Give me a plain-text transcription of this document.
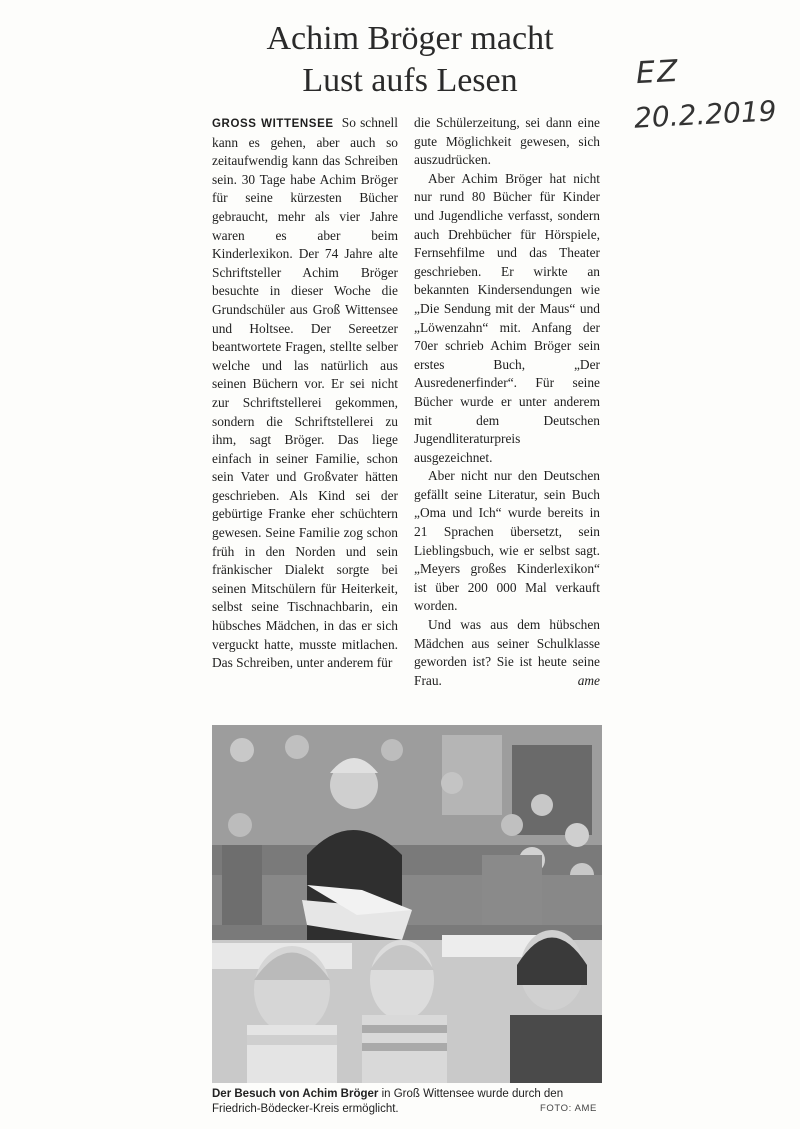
Achim Bröger macht
Lust aufs Lesen	EZ
20.2.2019

GROSS WITTENSEE So schnell kann es gehen, aber auch so zeitaufwendig kann das Schreiben sein. 30 Tage habe Achim Bröger für seine kürzesten Bücher gebraucht, mehr als vier Jahre waren es aber beim Kinderlexikon. Der 74 Jahre alte Schriftsteller Achim Bröger besuchte in dieser Woche die Grundschüler aus Groß Wittensee und Holtsee. Der Sereetzer beantwortete Fragen, stellte selber welche und las natürlich aus seinen Büchern vor. Er sei nicht zur Schriftstellerei gekommen, sondern die Schriftstellerei zu ihm, sagt Bröger. Das liege einfach in seiner Familie, schon sein Vater und Großvater hätten geschrieben. Als Kind sei der gebürtige Franke eher schüchtern gewesen. Seine Familie zog schon früh in den Norden und sein fränkischer Dialekt sorgte bei seinen Mitschülern für Heiterkeit, selbst seine Tischnachbarin, ein hübsches Mädchen, in das er sich verguckt hatte, musste mitlachen. Das Schreiben, unter anderem für

die Schülerzeitung, sei dann eine gute Möglichkeit gewesen, sich auszudrücken.

Aber Achim Bröger hat nicht nur rund 80 Bücher für Kinder und Jugendliche verfasst, sondern auch Drehbücher für Hörspiele, Fernsehfilme und das Theater geschrieben. Er wirkte an bekannten Kindersendungen wie „Die Sendung mit der Maus“ und „Löwenzahn“ mit. Anfang der 70er schrieb Achim Bröger sein erstes Buch, „Der Ausredenerfinder“. Für seine Bücher wurde er unter anderem mit dem Deutschen Jugendliteraturpreis ausgezeichnet.

Aber nicht nur den Deutschen gefällt seine Literatur, sein Buch „Oma und Ich“ wurde bereits in 21 Sprachen übersetzt, sein Lieblingsbuch, wie er selbst sagt. „Meyers großes Kinderlexikon“ ist über 200 000 Mal verkauft worden.

Und was aus dem hübschen Mädchen aus seiner Schulklasse geworden ist? Sie ist heute seine Frau.	ame

Der Besuch von Achim Bröger in Groß Wittensee wurde durch den Friedrich-Bödecker-Kreis ermöglicht.	FOTO: AME
